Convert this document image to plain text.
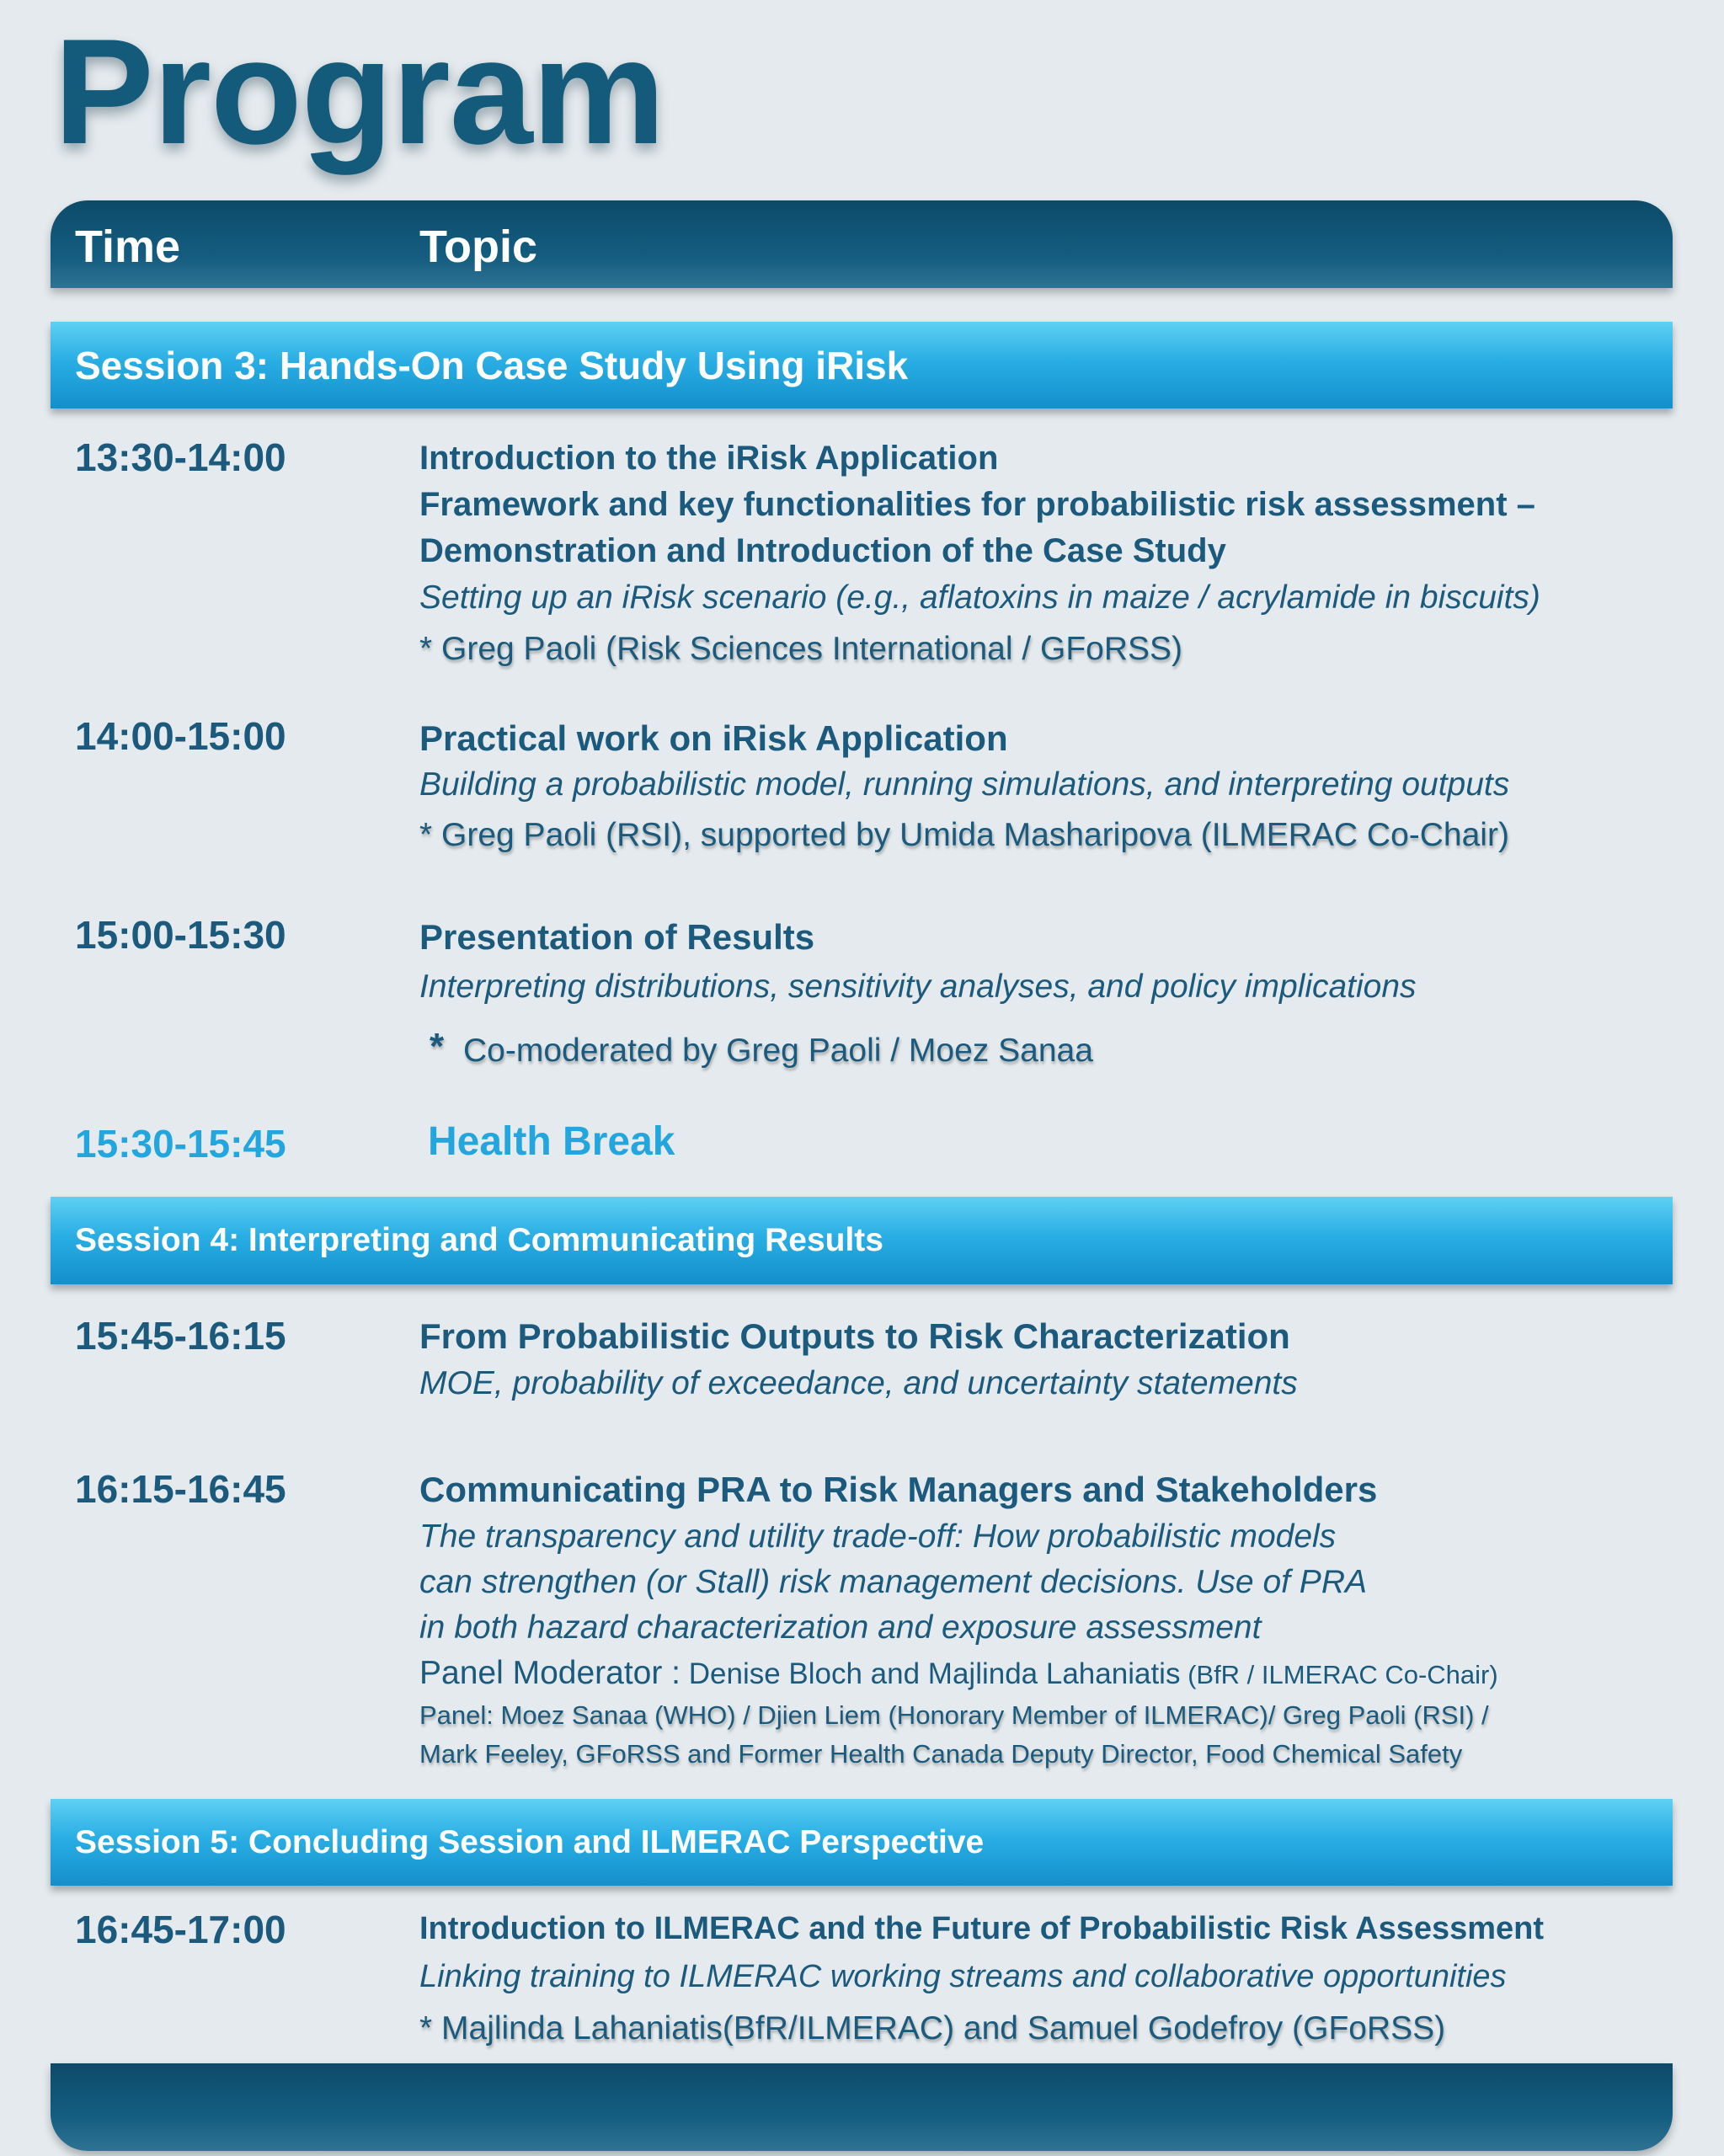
Program
Time	Topic
Session 3: Hands-On Case Study Using iRisk
13:30-14:00	Introduction to the iRisk Application
Framework and key functionalities for probabilistic risk assessment –
Demonstration and Introduction of the Case Study
Setting up an iRisk scenario (e.g., aflatoxins in maize / acrylamide in biscuits)
* Greg Paoli (Risk Sciences International / GFoRSS)
14:00-15:00	Practical work on iRisk Application
Building a probabilistic model, running simulations, and interpreting outputs
* Greg Paoli (RSI), supported by Umida Masharipova (ILMERAC Co-Chair)
15:00-15:30	Presentation of Results
Interpreting distributions, sensitivity analyses, and policy implications
* Co-moderated by Greg Paoli / Moez Sanaa
15:30-15:45	Health Break
Session 4: Interpreting and Communicating Results
15:45-16:15	From Probabilistic Outputs to Risk Characterization
MOE, probability of exceedance, and uncertainty statements
16:15-16:45	Communicating PRA to Risk Managers and Stakeholders
The transparency and utility trade-off: How probabilistic models
can strengthen (or Stall) risk management decisions. Use of PRA
in both hazard characterization and exposure assessment
Panel Moderator : Denise Bloch and Majlinda Lahaniatis (BfR / ILMERAC Co-Chair)
Panel: Moez Sanaa (WHO) / Djien Liem (Honorary Member of ILMERAC)/ Greg Paoli (RSI) /
Mark Feeley, GFoRSS and Former Health Canada Deputy Director, Food Chemical Safety
Session 5: Concluding Session and ILMERAC Perspective
16:45-17:00	Introduction to ILMERAC and the Future of Probabilistic Risk Assessment
Linking training to ILMERAC working streams and collaborative opportunities
* Majlinda Lahaniatis(BfR/ILMERAC) and Samuel Godefroy (GFoRSS)
